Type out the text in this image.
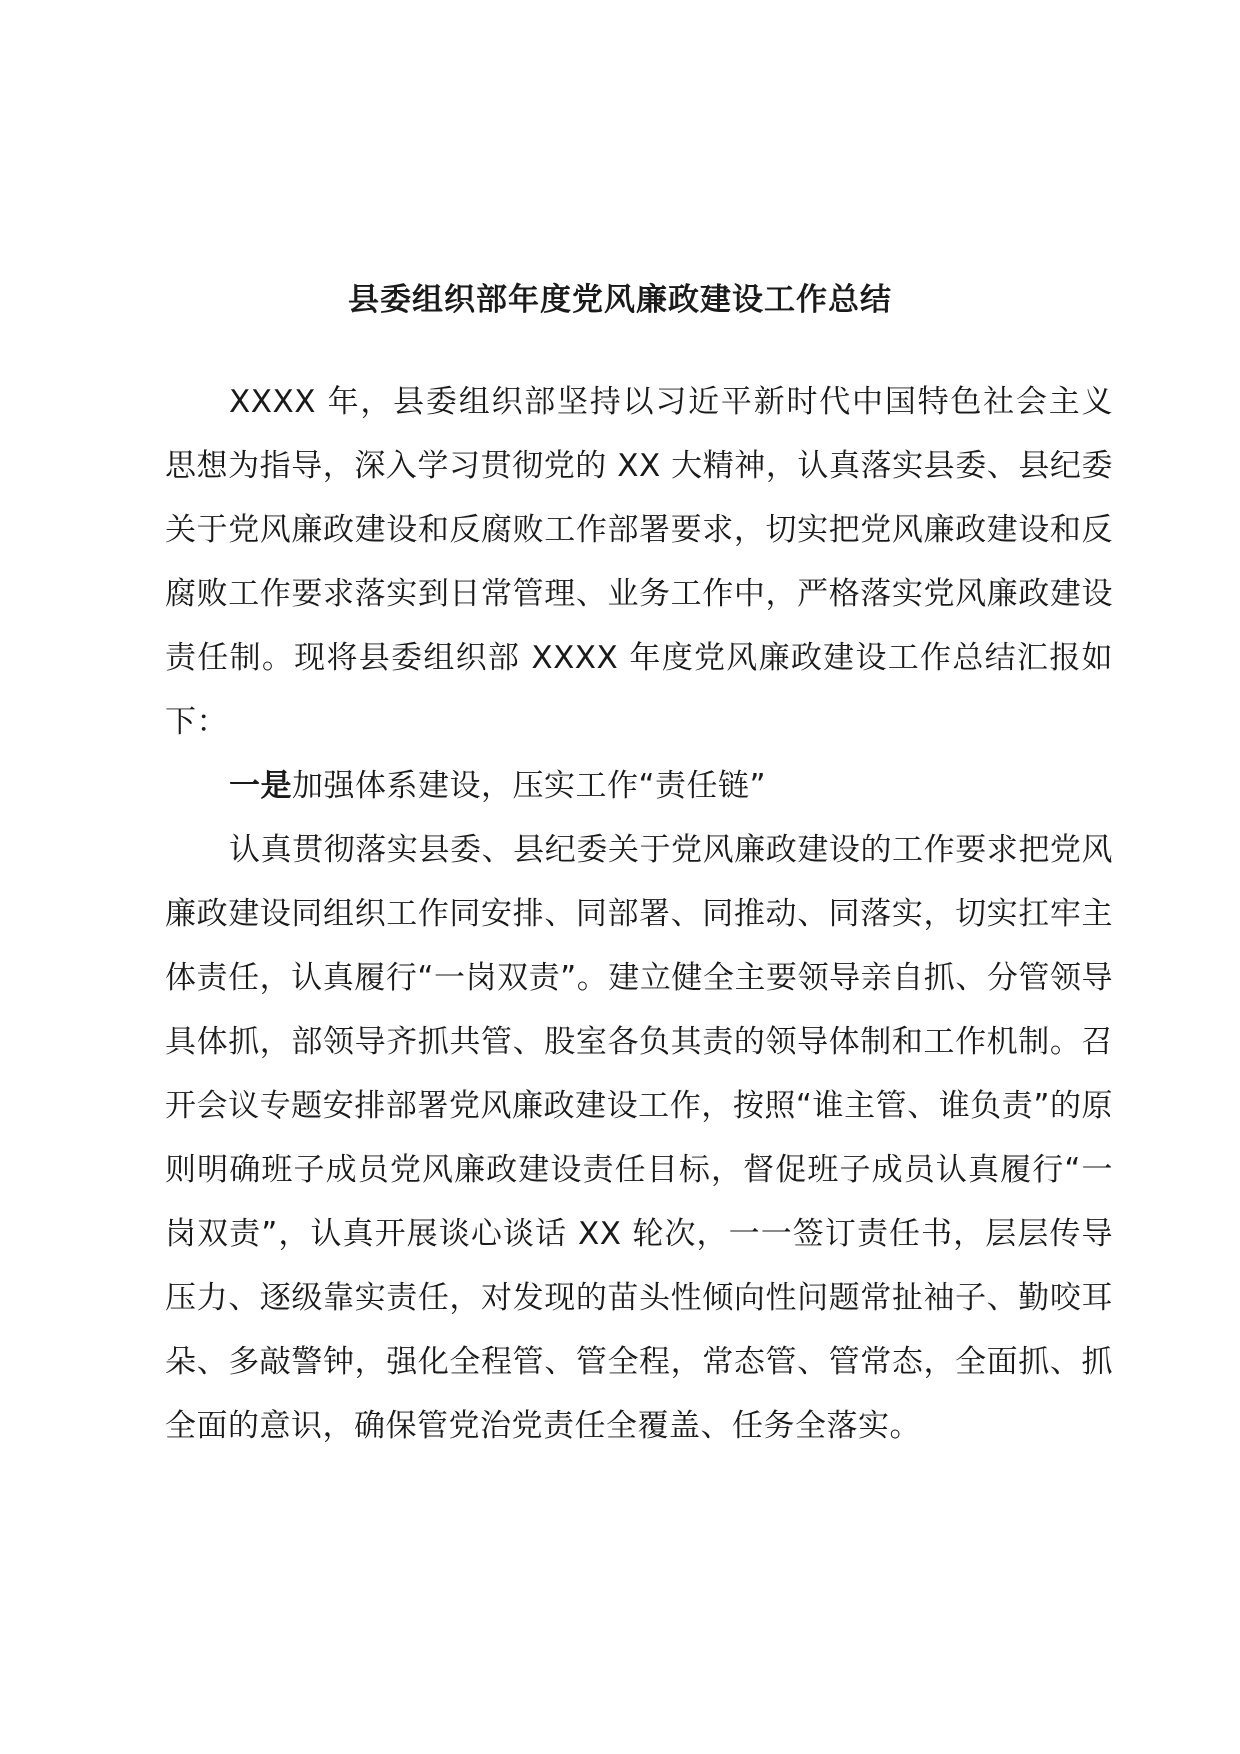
县委组织部年度党风廉政建设工作总结

XXXX 年，县委组织部坚持以习近平新时代中国特色社会主义思想为指导，深入学习贯彻党的 XX 大精神，认真落实县委、县纪委关于党风廉政建设和反腐败工作部署要求，切实把党风廉政建设和反腐败工作要求落实到日常管理、业务工作中，严格落实党风廉政建设责任制。现将县委组织部 XXXX 年度党风廉政建设工作总结汇报如下：

一是加强体系建设，压实工作“责任链”

认真贯彻落实县委、县纪委关于党风廉政建设的工作要求把党风廉政建设同组织工作同安排、同部署、同推动、同落实，切实扛牢主体责任，认真履行“一岗双责”。建立健全主要领导亲自抓、分管领导具体抓，部领导齐抓共管、股室各负其责的领导体制和工作机制。召开会议专题安排部署党风廉政建设工作，按照“谁主管、谁负责”的原则明确班子成员党风廉政建设责任目标，督促班子成员认真履行“一岗双责”，认真开展谈心谈话 XX 轮次，一一签订责任书，层层传导压力、逐级靠实责任，对发现的苗头性倾向性问题常扯袖子、勤咬耳朵、多敲警钟，强化全程管、管全程，常态管、管常态，全面抓、抓全面的意识，确保管党治党责任全覆盖、任务全落实。
